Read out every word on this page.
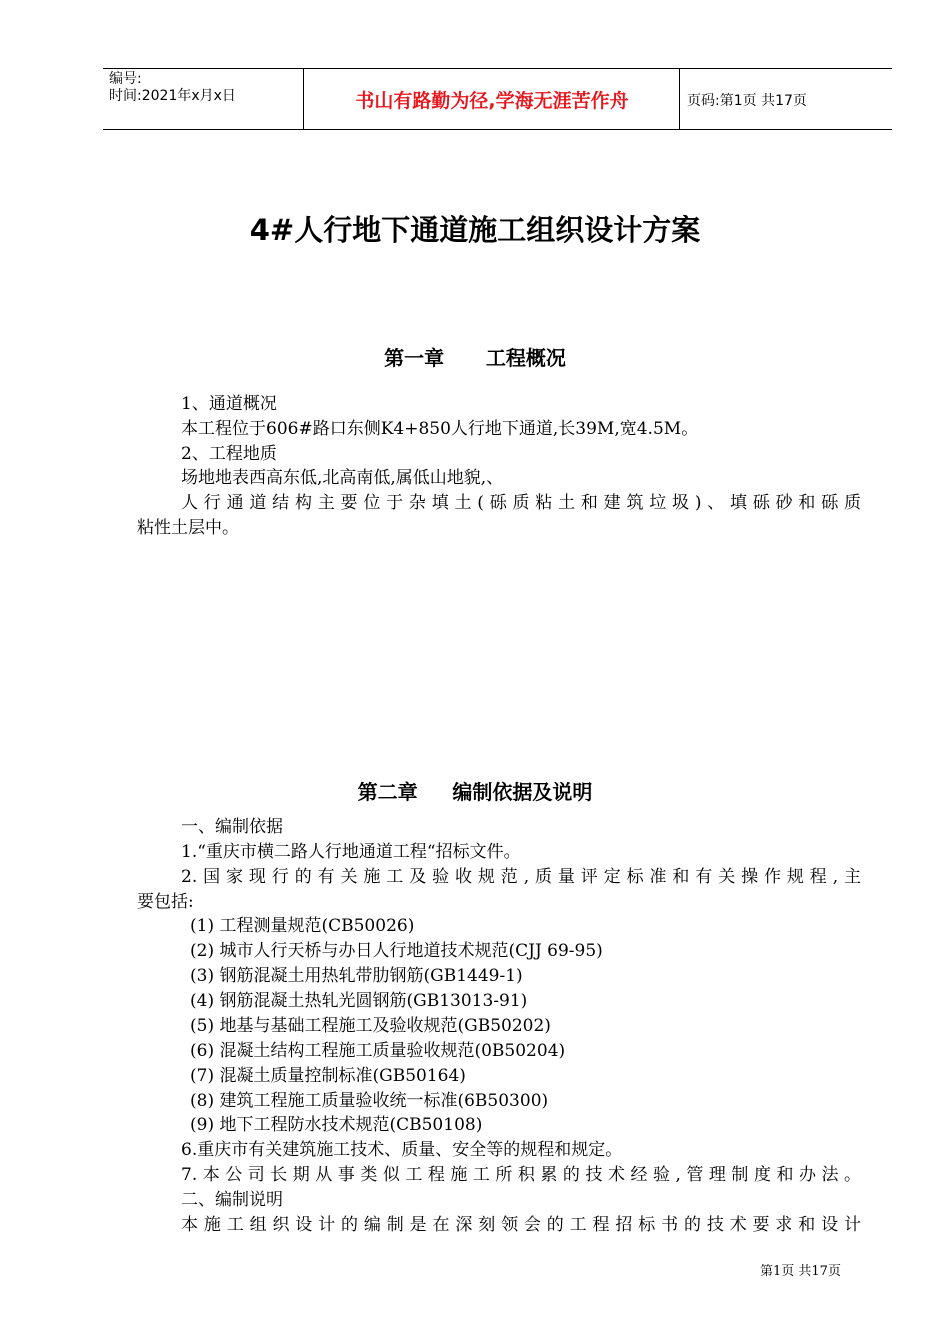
编号:
时间:2021年x月x日	书山有路勤为径,学海无涯苦作舟	页码:第1页 共17页
4#人行地下通道施工组织设计方案
第一章      工程概况
1、通道概况
本工程位于606#路口东侧K4+850人行地下通道,长39M,宽4.5M。
2、工程地质
场地地表西高东低,北高南低,属低山地貌,、
人行通道结构主要位于杂填土(砾质粘土和建筑垃圾)、填砾砂和砾质
粘性土层中。
第二章     编制依据及说明
一、编制依据
1.“重庆市横二路人行地通道工程“招标文件。
2.国家现行的有关施工及验收规范,质量评定标准和有关操作规程,主
要包括:
(1) 工程测量规范(CB50026)
(2) 城市人行天桥与办日人行地道技术规范(CJJ 69-95)
(3) 钢筋混凝土用热轧带肋钢筋(GB1449-1)
(4) 钢筋混凝土热轧光圆钢筋(GB13013-91)
(5) 地基与基础工程施工及验收规范(GB50202)
(6) 混凝土结构工程施工质量验收规范(0B50204)
(7) 混凝土质量控制标准(GB50164)
(8) 建筑工程施工质量验收统一标准(6B50300)
(9) 地下工程防水技术规范(CB50108)
6.重庆市有关建筑施工技术、质量、安全等的规程和规定。
7.本公司长期从事类似工程施工所积累的技术经验,管理制度和办法。
二、编制说明
本施工组织设计的编制是在深刻领会的工程招标书的技术要求和设计
第1页 共17页
